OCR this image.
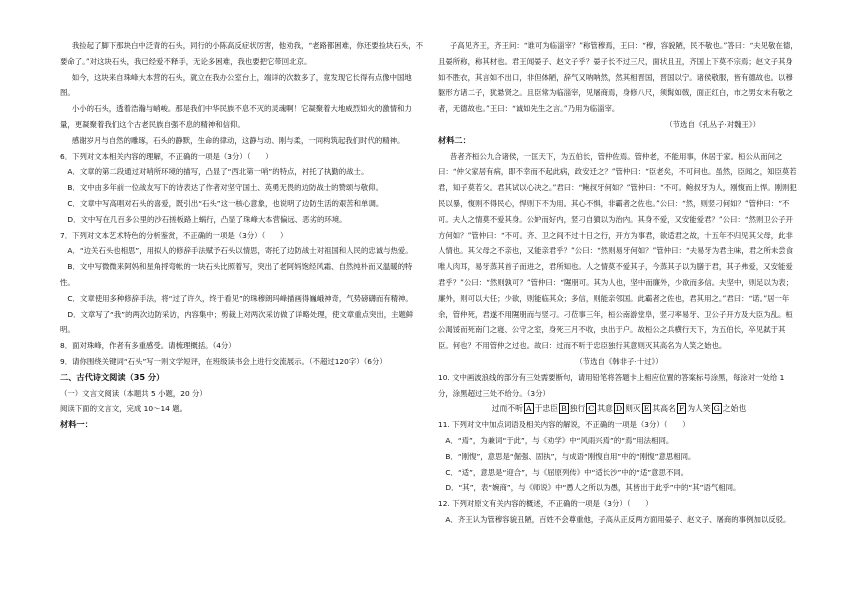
我捡起了脚下那块白中泛青的石头，同行的小陈高反症状厉害，他劝我，“老路都困难，你还要捡块石头，不要命了。”对这块石头，我已经爱不释手，无论多困难，我也要把它带回北京。

如今，这块来自珠峰大本营的石头，就立在我办公室台上，端详的次数多了，竟发现它长得有点像中国地图。

小小的石头，透着浩瀚与峭峻。那是我们中华民族不息不灭的灵魂啊！它凝聚着大地威烈如火的激情和力量，更凝聚着我们这个古老民族自强不息的精神和信仰。

感谢岁月与自然的雕琢，石头的静默，生命的律动，这静与动、刚与柔，一同构筑起我们时代的精神。

6．下列对文本相关内容的理解，不正确的一项是（3分）（　　）

A．文章的第二段通过对哨所环境的描写，凸显了“西北第一哨”的特点，衬托了执勤的战士。

B．文中由多年前一位战友写下的诗表达了作者对坚守国土、英勇无畏的边防战士的赞颂与敬仰。

C．文章中写高唱对石头的喜爱，既引出“石头”这一核心意象，也说明了边防生活的艰苦和单调。

D．文中写在几百多公里的沙石搓板路上蜗行，凸显了珠峰大本营偏远、恶劣的环境。

7．下列对文本艺术特色的分析鉴赏，不正确的一项是（3分）（　　）

A．“边关石头也相思”，用拟人的修辞手法赋予石头以情思，寄托了边防战士对祖国和人民的忠诚与热爱。

B．文中写微微来阿妈和星角捋弯帐的一块石头比照着写，突出了老阿妈饱经风霜、自然纯朴而又温暖的特性。

C．文章使用多种修辞手法，将“过了许久，终于看见”的珠穆朗玛峰描画得巍峨神奇，气势磅礴而有精神。

D．文章写了“我”的两次边防采访，内容集中；剪裁上对两次采访做了详略处理，使文章重点突出，主题鲜明。

8．面对珠峰，作者有多重感受。请梳理概括。（4分）

9．请你围绕关键词“石头”写一则文学短评，在班级读书会上进行交流展示。（不超过120字）（6分）

二、古代诗文阅读（35 分）

（一）文言文阅读（本题共 5 小题，20 分）

阅读下面的文言文，完成 10～14 题。

材料一：

子高见齐王，齐王问：“谁可为临淄宰？”称管穆焉，王曰：“穆，容貌陋，民不敬也。”答曰：“夫见敬在德，且晏所称，称其材也。君王闻晏子、赵文子乎？晏子长不过三尺，面状且丑，齐国上下莫不宗焉；赵文子其身如不胜衣，其言如不出口，非但体陋，辞气又呐呐然，然其相晋国，晋国以宁。诸侯敬服，皆有德故也。以穆躯形方诸二子，犹悬贤之。且臣常为临淄宰，见屠商焉，身修八尺，须髯如戟，面正红白，市之男女未有敬之者，无德故也。”王曰：“诚如先生之言。”乃用为临淄宰。

（节选自《孔丛子·对魏王》）

材料二：

昔者齐桓公九合诸侯，一匡天下，为五伯长，管仲佐焉。管仲老，不能用事，休居于家。桓公从而问之曰：“仲父家居有病，即不幸而不起此病，政安迁之？”管仲曰：“臣老矣，不可问也。虽然，臣闻之，知臣莫若君，知子莫若父。君其试以心决之。”君曰：“鲍叔牙何如？”管仲曰：“不可。鲍叔牙为人，刚愎而上悍。刚则犯民以暴，愎则不得民心，悍则下不为用。其心不惧，非霸者之佐也。”公曰：“然，则竖刁何如？”管仲曰：“不可。夫人之情莫不爱其身。公妒而好内，竖刁自獖以为治内。其身不爱，又安能爱君？”公曰：“然则卫公子开方何如？”管仲曰：“不可。齐、卫之间不过十日之行，开方为事君，欲适君之故，十五年不归见其父母，此非人情也。其父母之不亲也，又能亲君乎？”公曰：“然则易牙何如？”管仲曰：“夫易牙为君主味，君之所未尝食唯人肉耳，易牙蒸其首子而进之，君所知也。人之情莫不爱其子，今蒸其子以为膳于君，其子弗爱，又安能爱君乎？”公曰：“然则孰可？”管仲曰：“隰朋可。其为人也，坚中而廉外，少欲而多信。夫坚中，则足以为表；廉外，则可以大任；少欲，则能临其众；多信，则能亲邻国。此霸者之佐也，君其用之。”君曰：“诺。”居一年余，管仲死，君遂不用隰朋而与竖刁。刁莅事三年，桓公南游堂阜，竖刁率易牙、卫公子开方及大臣为乱。桓公渴馁而死南门之寝、公守之室，身死三月不收，虫出于户。故桓公之兵横行天下，为五伯长，卒见弑于其臣。何也？不用管仲之过也。故曰：过而不听于忠臣独行其意则灭其高名为人笑之始也。

（节选自《韩非子·十过》）

10. 文中画波浪线的部分有三处需要断句，请用铅笔将答题卡上相应位置的答案标号涂黑，每涂对一处给 1 分，涂黑超过三处不给分。（3分）

过而不听 A 于忠臣 B 独行 C 其意 D 则灭 E 其高名 F 为人笑 G 之始也

11. 下列对文中加点词语及相关内容的解说，不正确的一项是（3分）（　　）

A．“焉”，为兼词“于此”，与《劝学》中“风雨兴焉”的“焉”用法相同。

B．“刚愎”，意思是“倔强、固执”，与成语“刚愎自用”中的“刚愎”意思相同。

C．“适”，意思是“迎合”，与《屈原列传》中“适长沙”中的“适”意思不同。

D．“其”，表“婉商”，与《师说》中“愚人之所以为愚，其皆出于此乎”中的“其”语气相同。

12. 下列对原文有关内容的概述，不正确的一项是（3分）（　　）

A．齐王认为管穆容貌丑陋，百姓不会尊重他，子高从正反两方面用晏子、赵文子、屠商的事例加以反驳。
